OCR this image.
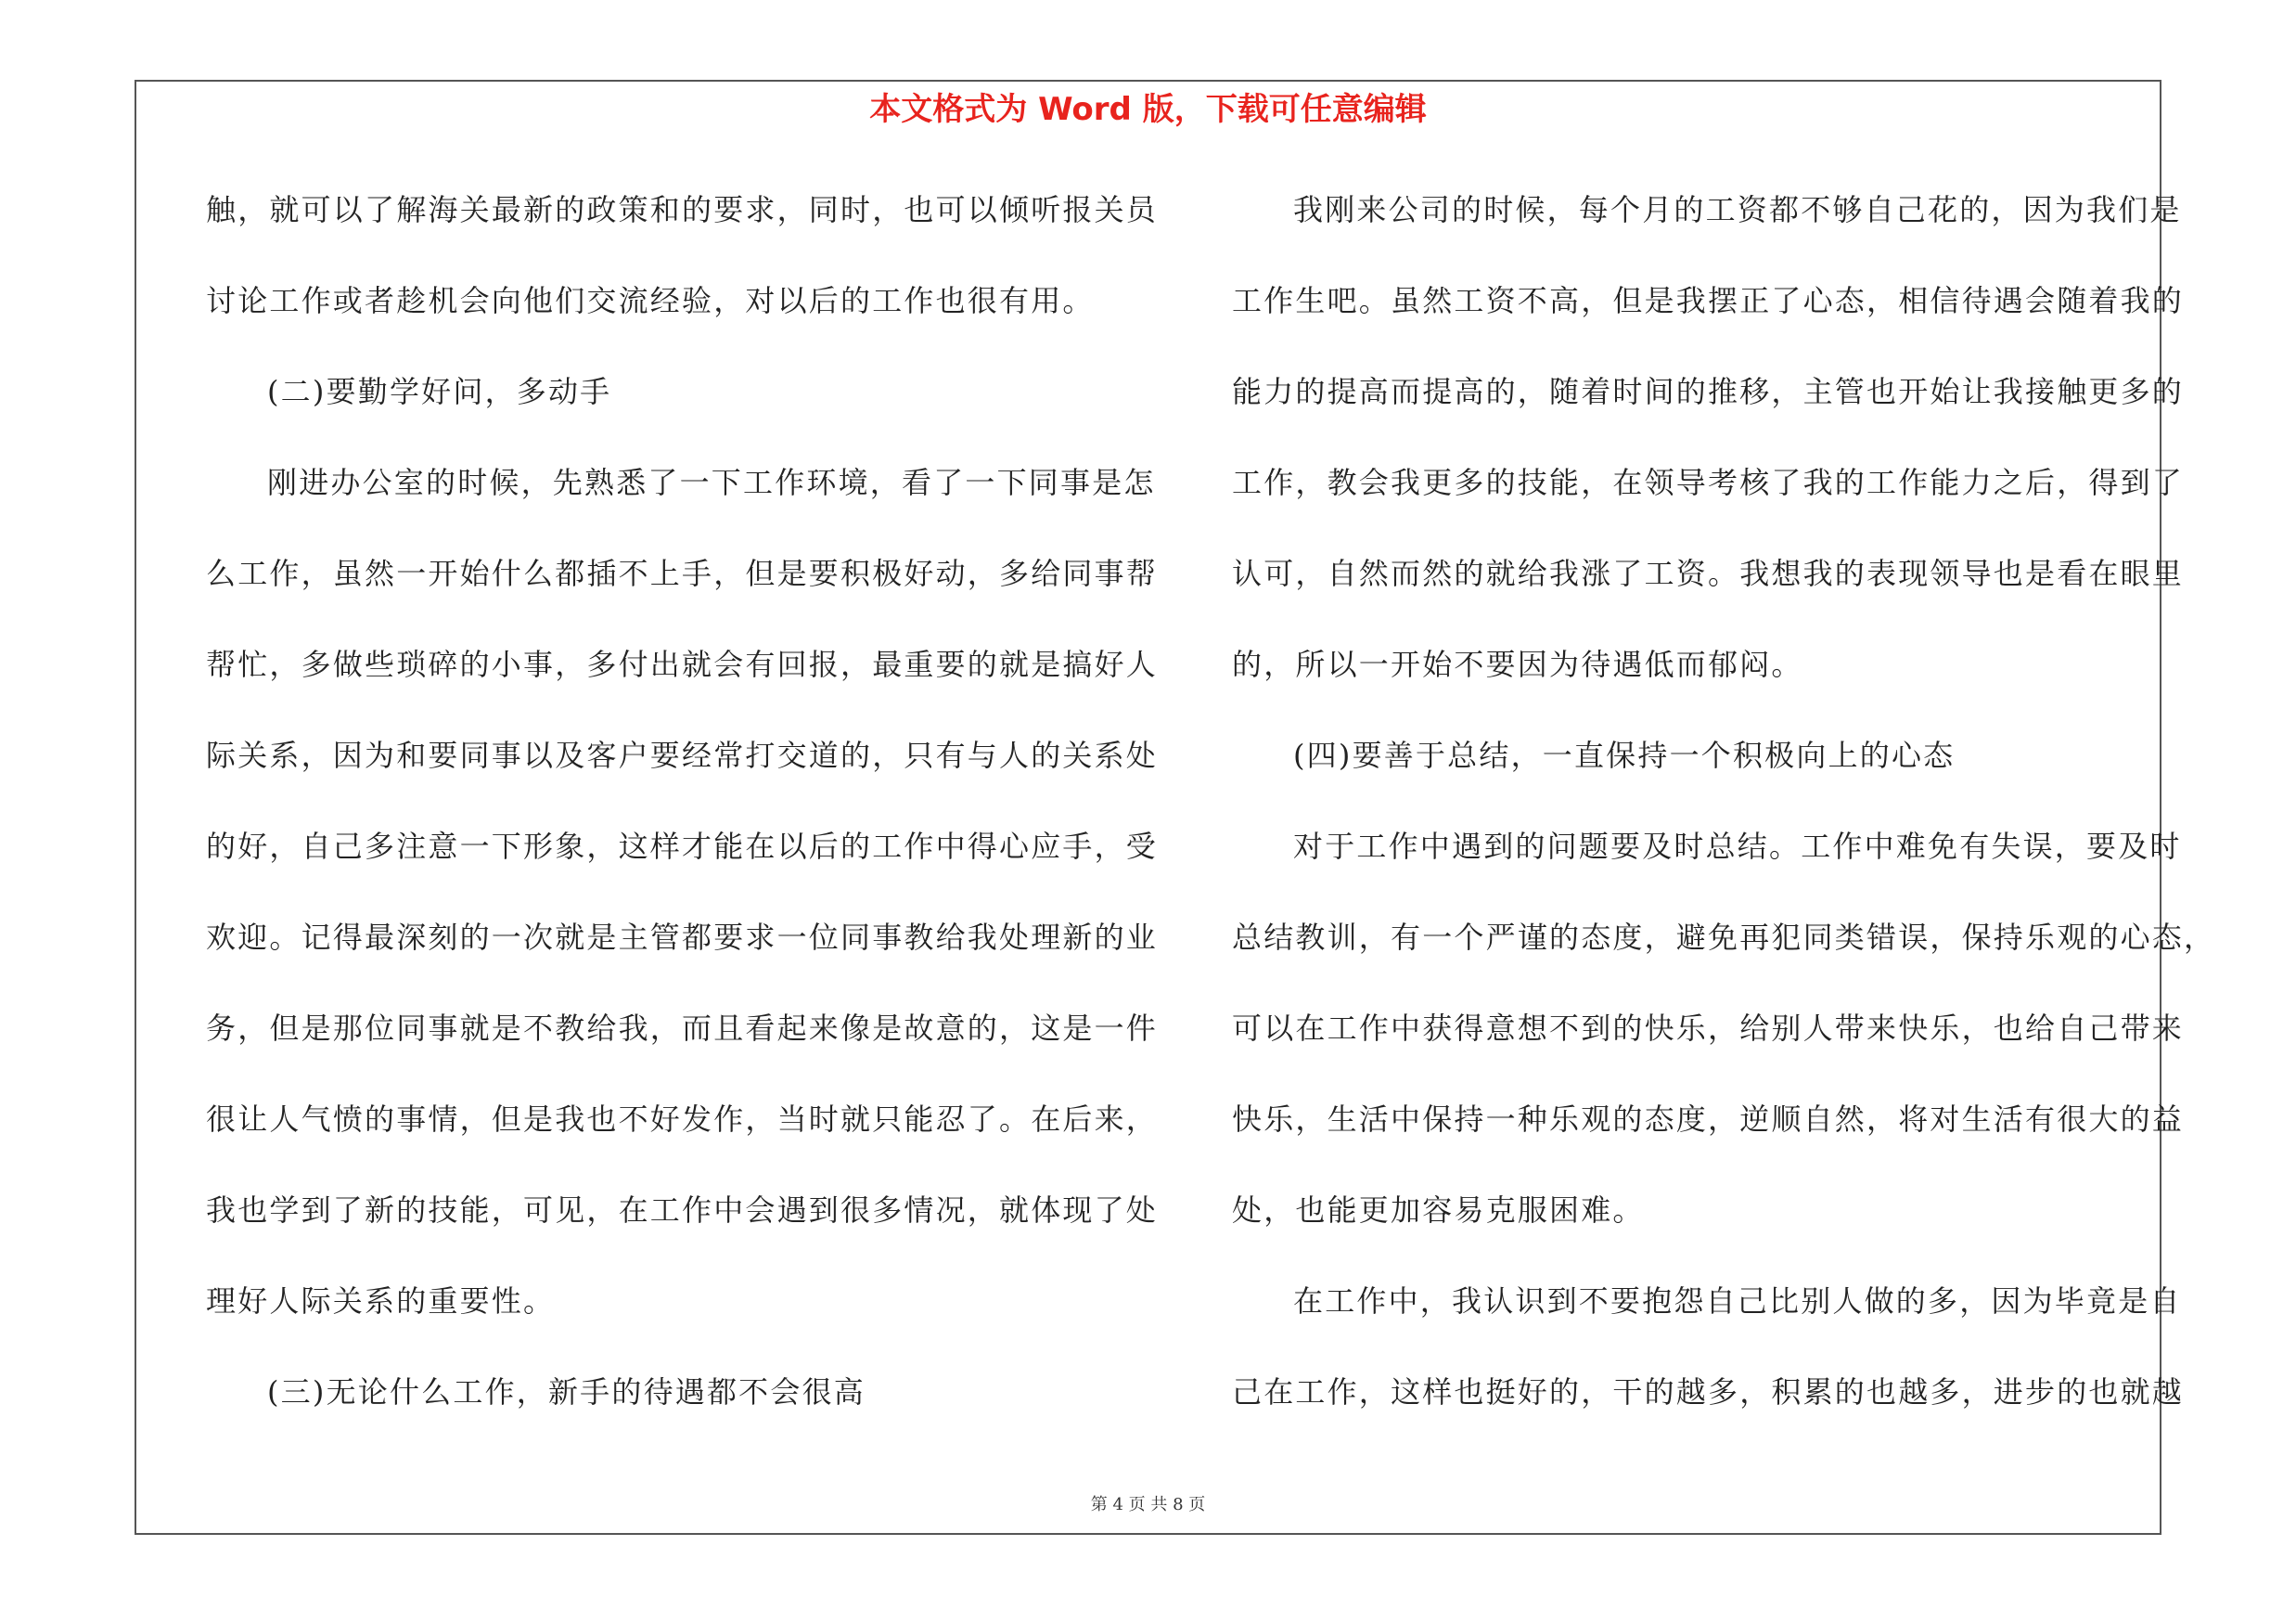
本文格式为 Word 版，下载可任意编辑
触，就可以了解海关最新的政策和的要求，同时，也可以倾听报关员
讨论工作或者趁机会向他们交流经验，对以后的工作也很有用。
(二)要勤学好问，多动手
刚进办公室的时候，先熟悉了一下工作环境，看了一下同事是怎
么工作，虽然一开始什么都插不上手，但是要积极好动，多给同事帮
帮忙，多做些琐碎的小事，多付出就会有回报，最重要的就是搞好人
际关系，因为和要同事以及客户要经常打交道的，只有与人的关系处
的好，自己多注意一下形象，这样才能在以后的工作中得心应手，受
欢迎。记得最深刻的一次就是主管都要求一位同事教给我处理新的业
务，但是那位同事就是不教给我，而且看起来像是故意的，这是一件
很让人气愤的事情，但是我也不好发作，当时就只能忍了。在后来，
我也学到了新的技能，可见，在工作中会遇到很多情况，就体现了处
理好人际关系的重要性。
(三)无论什么工作，新手的待遇都不会很高
我刚来公司的时候，每个月的工资都不够自己花的，因为我们是
工作生吧。虽然工资不高，但是我摆正了心态，相信待遇会随着我的
能力的提高而提高的，随着时间的推移，主管也开始让我接触更多的
工作，教会我更多的技能，在领导考核了我的工作能力之后，得到了
认可，自然而然的就给我涨了工资。我想我的表现领导也是看在眼里
的，所以一开始不要因为待遇低而郁闷。
(四)要善于总结，一直保持一个积极向上的心态
对于工作中遇到的问题要及时总结。工作中难免有失误，要及时
总结教训，有一个严谨的态度，避免再犯同类错误，保持乐观的心态，
可以在工作中获得意想不到的快乐，给别人带来快乐，也给自己带来
快乐，生活中保持一种乐观的态度，逆顺自然，将对生活有很大的益
处，也能更加容易克服困难。
在工作中，我认识到不要抱怨自己比别人做的多，因为毕竟是自
己在工作，这样也挺好的，干的越多，积累的也越多，进步的也就越
第 4 页 共 8 页
